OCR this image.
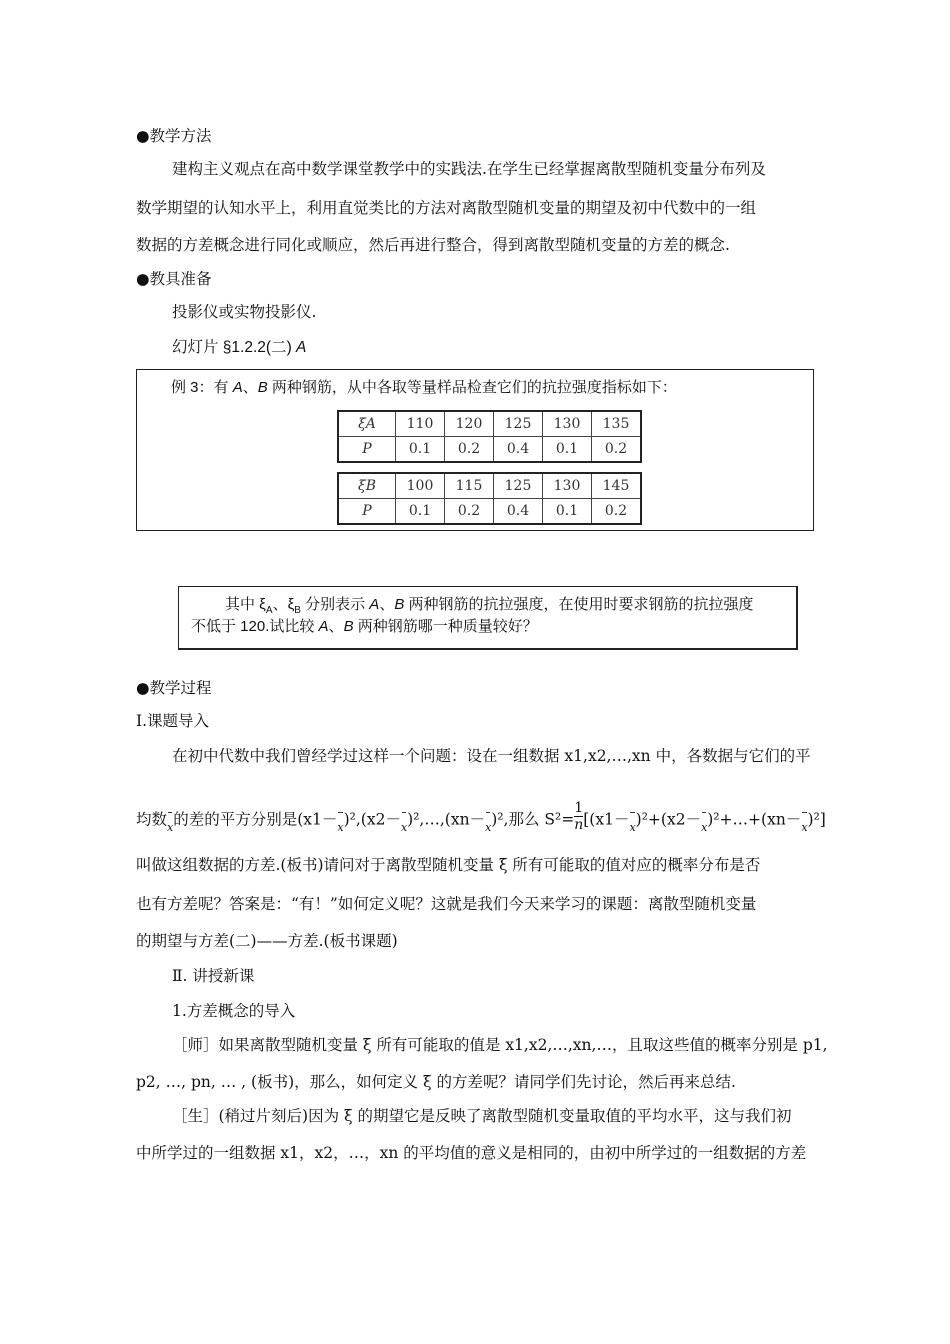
●教学方法
建构主义观点在高中数学课堂教学中的实践法.在学生已经掌握离散型随机变量分布列及
数学期望的认知水平上，利用直觉类比的方法对离散型随机变量的期望及初中代数中的一组
数据的方差概念进行同化或顺应，然后再进行整合，得到离散型随机变量的方差的概念.
●教具准备
投影仪或实物投影仪.
幻灯片 §1.2.2(二) A
例 3：有 A、B 两种钢筋，从中各取等量样品检查它们的抗拉强度指标如下：
ξA	110	120	125	130	135
P	0.1	0.2	0.4	0.1	0.2
ξB	100	115	125	130	145
P	0.1	0.2	0.4	0.1	0.2
其中 $\xi_A$、$\xi_B$ 分别表示 A、B 两种钢筋的抗拉强度，在使用时要求钢筋的抗拉强度
不低于 120.试比较 A、B 两种钢筋哪一种质量较好？
●教学过程
Ⅰ.课题导入
在初中代数中我们曾经学过这样一个问题：设在一组数据 x1,x2,…,xn 中，各数据与它们的平
均数x的差的平方分别是(x1－x)²,(x2－x)²,…,(xn－x)²,那么 $S^2= \frac{1}{n}$ [(x1－x)²+(x2－x)²+…+(xn－x)²]
叫做这组数据的方差.(板书)请问对于离散型随机变量 ξ 所有可能取的值对应的概率分布是否
也有方差呢？答案是：“有！”如何定义呢？这就是我们今天来学习的课题：离散型随机变量
的期望与方差(二)——方差.(板书课题)
Ⅱ. 讲授新课
1.方差概念的导入
［师］如果离散型随机变量 ξ 所有可能取的值是 x1,x2,…,xn,…，且取这些值的概率分别是 p1,
p2, …, pn, … , (板书)，那么，如何定义 ξ 的方差呢？请同学们先讨论，然后再来总结.
［生］(稍过片刻后)因为 ξ 的期望它是反映了离散型随机变量取值的平均水平，这与我们初
中所学过的一组数据 x1，x2，…，xn 的平均值的意义是相同的，由初中所学过的一组数据的方差
